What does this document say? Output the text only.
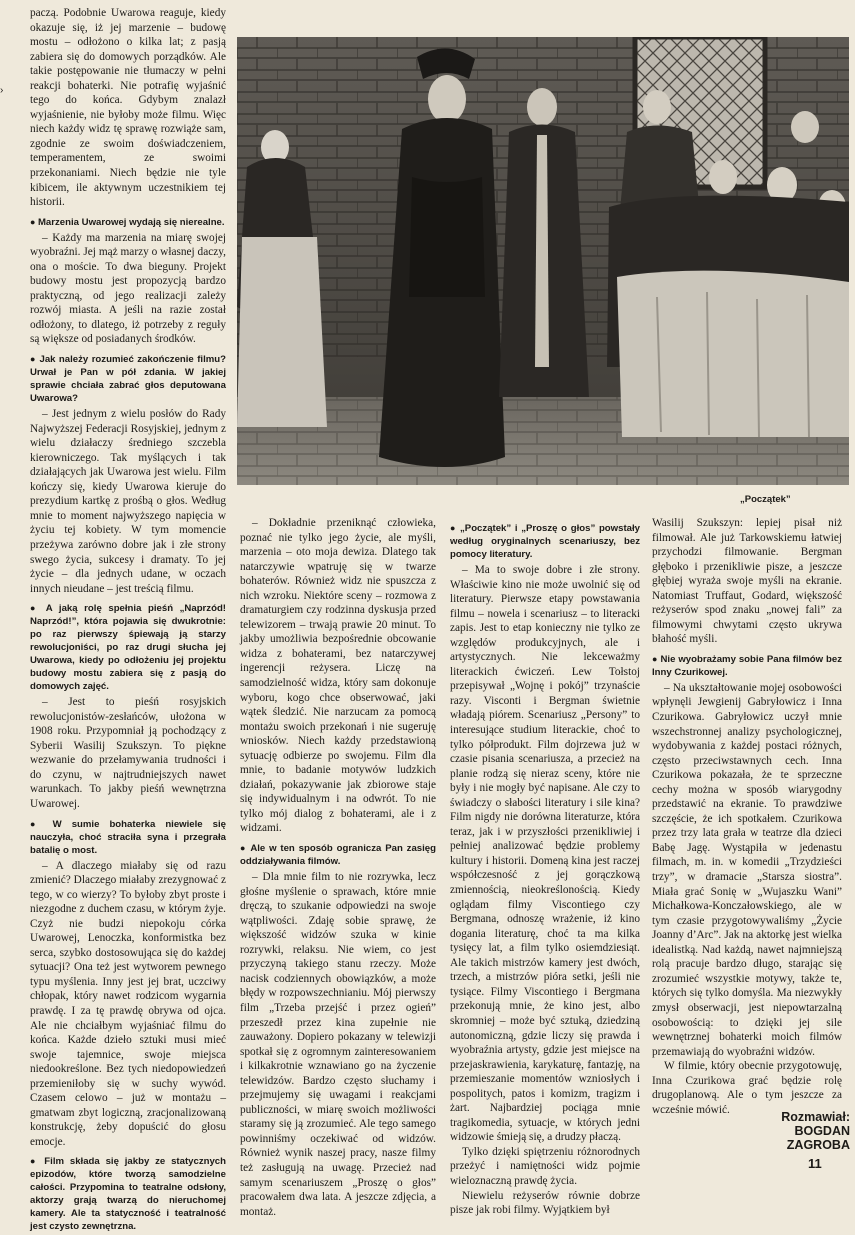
›

paczą. Podobnie Uwarowa reaguje, kiedy okazuje się, iż jej marzenie – budowę mostu – odłożono o kilka lat; z pasją zabiera się do domowych porządków. Ale takie postępowanie nie tłumaczy w pełni reakcji bohaterki. Nie potrafię wyjaśnić tego do końca. Gdybym znalazł wyjaśnienie, nie byłoby może filmu. Więc niech każdy widz tę sprawę rozwiąże sam, zgodnie ze swoim doświadczeniem, temperamentem, ze swoimi przekonaniami. Niech będzie nie tyle kibicem, ile aktywnym uczestnikiem tej historii.

● Marzenia Uwarowej wydają się nierealne.

– Każdy ma marzenia na miarę swojej wyobraźni. Jej mąż marzy o własnej daczy, ona o moście. To dwa bieguny. Projekt budowy mostu jest propozycją bardzo praktyczną, od jego realizacji zależy rozwój miasta. A jeśli na razie został odłożony, to dlatego, iż potrzeby z reguły są większe od posiadanych środków.

● Jak należy rozumieć zakończenie filmu? Urwał je Pan w pół zdania. W jakiej sprawie chciała zabrać głos deputowana Uwarowa?

– Jest jednym z wielu posłów do Rady Najwyższej Federacji Rosyjskiej, jednym z wielu działaczy średniego szczebla kierowniczego. Tak myślących i tak działających jak Uwarowa jest wielu. Film kończy się, kiedy Uwarowa kieruje do prezydium kartkę z prośbą o głos. Według mnie to moment najwyższego napięcia w życiu tej kobiety. W tym momencie przeżywa zarówno dobre jak i złe strony swego życia, sukcesy i dramaty. To jej życie – dla jednych udane, w oczach innych nieudane – jest treścią filmu.

● A jaką rolę spełnia pieśń „Naprzód! Naprzód!”, która pojawia się dwukrotnie: po raz pierwszy śpiewają ją starzy rewolucjoniści, po raz drugi słucha jej Uwarowa, kiedy po odłożeniu jej projektu budowy mostu zabiera się z pasją do domowych zajęć.

– Jest to pieśń rosyjskich rewolucjonistów-zesłańców, ułożona w 1908 roku. Przypomniał ją pochodzący z Syberii Wasilij Szukszyn. To piękne wezwanie do przełamywania trudności i do czynu, w najtrudniejszych nawet warunkach. To jakby pieśń wewnętrzna Uwarowej.

● W sumie bohaterka niewiele się nauczyła, choć straciła syna i przegrała batalię o most.

– A dlaczego miałaby się od razu zmienić? Dlaczego miałaby zrezygnować z tego, w co wierzy? To byłoby zbyt proste i niezgodne z duchem czasu, w którym żyje. Czyż nie budzi niepokoju córka Uwarowej, Lenoczka, konformistka bez serca, szybko dostosowująca się do każdej sytuacji? Ona też jest wytworem pewnego typu myślenia. Inny jest jej brat, uczciwy chłopak, który nawet rodzicom wygarnia prawdę. I za tę prawdę obrywa od ojca. Ale nie chciałbym wyjaśniać filmu do końca. Każde dzieło sztuki musi mieć swoje tajemnice, swoje miejsca niedookreślone. Bez tych niedopowiedzeń przemieniłoby się w suchy wywód. Czasem celowo – już w montażu – gmatwam zbyt logiczną, zracjonalizowaną konstrukcję, żeby dopuścić do głosu emocje.

● Film składa się jakby ze statycznych epizodów, które tworzą samodzielne całości. Przypomina to teatralne odsłony, aktorzy grają twarzą do nieruchomej kamery. Ale ta statyczność i teatralność jest czysto zewnętrzna.

„Początek”

– Dokładnie przeniknąć człowieka, poznać nie tylko jego życie, ale myśli, marzenia – oto moja dewiza. Dlatego tak natarczywie wpatruję się w twarze bohaterów. Również widz nie spuszcza z nich wzroku. Niektóre sceny – rozmowa z dramaturgiem czy rodzinna dyskusja przed telewizorem – trwają prawie 20 minut. To jakby umożliwia bezpośrednie obcowanie widza z bohaterami, bez natarczywej ingerencji reżysera. Liczę na samodzielność widza, który sam dokonuje wyboru, kogo chce obserwować, jaki wątek śledzić. Nie narzucam za pomocą montażu swoich przekonań i nie sugeruję wniosków. Niech każdy przedstawioną sytuację odbierze po swojemu. Film dla mnie, to badanie motywów ludzkich działań, pokazywanie jak zbiorowe staje się indywidualnym i na odwrót. To nie tylko mój dialog z bohaterami, ale i z widzami.

● Ale w ten sposób ogranicza Pan zasięg oddziaływania filmów.

– Dla mnie film to nie rozrywka, lecz głośne myślenie o sprawach, które mnie dręczą, to szukanie odpowiedzi na swoje wątpliwości. Zdaję sobie sprawę, że większość widzów szuka w kinie rozrywki, relaksu. Nie wiem, co jest przyczyną takiego stanu rzeczy. Może nacisk codziennych obowiązków, a może błędy w rozpowszechnianiu. Mój pierwszy film „Trzeba przejść i przez ogień” przeszedł przez kina zupełnie nie zauważony. Dopiero pokazany w telewizji spotkał się z ogromnym zainteresowaniem i kilkakrotnie wznawiano go na życzenie telewidzów. Bardzo często słuchamy i przejmujemy się uwagami i reakcjami publiczności, w miarę swoich możliwości staramy się ją zrozumieć. Ale tego samego powinniśmy oczekiwać od widzów. Również wynik naszej pracy, nasze filmy też zasługują na uwagę. Przecież nad samym scenariuszem „Proszę o głos” pracowałem dwa lata. A jeszcze zdjęcia, a montaż.

● „Początek” i „Proszę o głos” powstały według oryginalnych scenariuszy, bez pomocy literatury.

– Ma to swoje dobre i złe strony. Właściwie kino nie może uwolnić się od literatury. Pierwsze etapy powstawania filmu – nowela i scenariusz – to literacki zapis. Jest to etap konieczny nie tylko ze względów produkcyjnych, ale i artystycznych. Nie lekceważmy literackich ćwiczeń. Lew Tołstoj przepisywał „Wojnę i pokój” trzynaście razy. Visconti i Bergman świetnie władają piórem. Scenariusz „Persony” to interesujące studium literackie, choć to tylko półprodukt. Film dojrzewa już w czasie pisania scenariusza, a przecież na planie rodzą się nieraz sceny, które nie były i nie mogły być napisane. Ale czy to świadczy o słabości literatury i sile kina? Film nigdy nie dorówna literaturze, która teraz, jak i w przyszłości przenikliwiej i pełniej analizować będzie problemy kultury i historii. Domeną kina jest raczej współczesność z jej gorączkową zmiennością, nieokreślonością. Kiedy oglądam filmy Viscontiego czy Bergmana, odnoszę wrażenie, iż kino dogania literaturę, choć ta ma kilka tysięcy lat, a film tylko osiemdziesiąt. Ale takich mistrzów kamery jest dwóch, trzech, a mistrzów pióra setki, jeśli nie tysiące. Filmy Viscontiego i Bergmana przekonują mnie, że kino jest, albo skromniej – może być sztuką, dziedziną autonomiczną, gdzie liczy się prawda i wyobraźnia artysty, gdzie jest miejsce na przejaskrawienia, karykaturę, fantazję, na przemieszanie momentów wzniosłych i pospolitych, patos i komizm, tragizm i żart. Najbardziej pociąga mnie tragikomedia, sytuacje, w których jedni widzowie śmieją się, a drudzy płaczą.

Tylko dzięki spiętrzeniu różnorodnych przeżyć i namiętności widz pojmie wieloznaczną prawdę życia.

Niewielu reżyserów równie dobrze pisze jak robi filmy. Wyjątkiem był

Wasilij Szukszyn: lepiej pisał niż filmował. Ale już Tarkowskiemu łatwiej przychodzi filmowanie. Bergman głęboko i przenikliwie pisze, a jeszcze głębiej wyraża swoje myśli na ekranie. Natomiast Truffaut, Godard, większość reżyserów spod znaku „nowej fali” za filmowymi chwytami często ukrywa błahość myśli.

● Nie wyobrażamy sobie Pana filmów bez Inny Czurikowej.

– Na ukształtowanie mojej osobowości wpłynęli Jewgienij Gabryłowicz i Inna Czurikowa. Gabryłowicz uczył mnie wszechstronnej analizy psychologicznej, wydobywania z każdej postaci różnych, często przeciwstawnych cech. Inna Czurikowa pokazała, że te sprzeczne cechy można w sposób wiarygodny przedstawić na ekranie. To prawdziwe szczęście, że ich spotkałem. Czurikowa przez trzy lata grała w teatrze dla dzieci Babę Jagę. Wystąpiła w jedenastu filmach, m. in. w komedii „Trzydzieści trzy”, w dramacie „Starsza siostra”. Miała grać Sonię w „Wujaszku Wani” Michałkowa-Konczałowskiego, ale w tym czasie przygotowywaliśmy „Życie Joanny d’Arc”. Jak na aktorkę jest wielka idealistką. Nad każdą, nawet najmniejszą rolą pracuje bardzo długo, starając się zrozumieć wszystkie motywy, także te, których się tylko domyśla. Ma niezwykły zmysł obserwacji, jest niepowtarzalną osobowością: to dzięki jej sile wewnętrznej bohaterki moich filmów przemawiają do wyobraźni widzów.

W filmie, który obecnie przygotowuję, Inna Czurikowa grać będzie rolę drugoplanową. Ale o tym jeszcze za wcześnie mówić.

Rozmawiał:
BOGDAN
ZAGROBA
11
